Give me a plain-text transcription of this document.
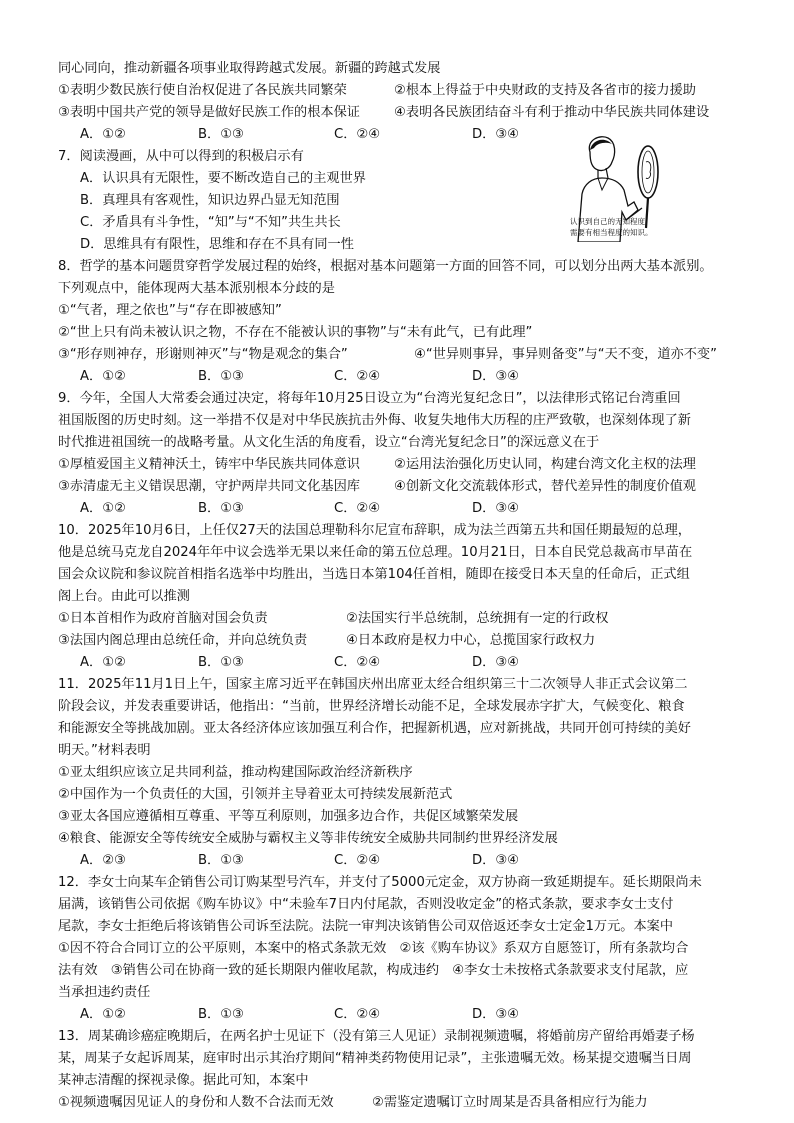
同心同向，推动新疆各项事业取得跨越式发展。新疆的跨越式发展
①表明少数民族行使自治权促进了各民族共同繁荣	②根本上得益于中央财政的支持及各省市的接力援助
③表明中国共产党的领导是做好民族工作的根本保证	④表明各民族团结奋斗有利于推动中华民族共同体建设
A．①②	B．①③	C．②④	D．③④
7．阅读漫画，从中可以得到的积极启示有
A．认识具有无限性，要不断改造自己的主观世界
B．真理具有客观性，知识边界凸显无知范围
C．矛盾具有斗争性，“知”与“不知”共生共长
D．思维具有有限性，思维和存在不具有同一性
认识到自己的无知程度，
需要有相当程度的知识。
8．哲学的基本问题贯穿哲学发展过程的始终，根据对基本问题第一方面的回答不同，可以划分出两大基本派别。
下列观点中，能体现两大基本派别根本分歧的是
①“气者，理之依也”与“存在即被感知”
②“世上只有尚未被认识之物，不存在不能被认识的事物”与“未有此气，已有此理”
③“形存则神存，形谢则神灭”与“物是观念的集合”	④“世异则事异，事异则备变”与“天不变，道亦不变”
A．①②	B．①③	C．②④	D．③④
9．今年，全国人大常委会通过决定，将每年10月25日设立为“台湾光复纪念日”，以法律形式铭记台湾重回
祖国版图的历史时刻。这一举措不仅是对中华民族抗击外侮、收复失地伟大历程的庄严致敬，也深刻体现了新
时代推进祖国统一的战略考量。从文化生活的角度看，设立“台湾光复纪念日”的深远意义在于
①厚植爱国主义精神沃土，铸牢中华民族共同体意识	②运用法治强化历史认同，构建台湾文化主权的法理
③赤清虚无主义错误思潮，守护两岸共同文化基因库	④创新文化交流载体形式，替代差异性的制度价值观
A．①②	B．①③	C．②④	D．③④
10．2025年10月6日，上任仅27天的法国总理勒科尔尼宣布辞职，成为法兰西第五共和国任期最短的总理，
他是总统马克龙自2024年年中议会选举无果以来任命的第五位总理。10月21日，日本自民党总裁高市早苗在
国会众议院和参议院首相指名选举中均胜出，当选日本第104任首相，随即在接受日本天皇的任命后，正式组
阁上台。由此可以推测
①日本首相作为政府首脑对国会负责	②法国实行半总统制，总统拥有一定的行政权
③法国内阁总理由总统任命，并向总统负责	④日本政府是权力中心，总揽国家行政权力
A．①②	B．①③	C．②④	D．③④
11．2025年11月1日上午，国家主席习近平在韩国庆州出席亚太经合组织第三十二次领导人非正式会议第二
阶段会议，并发表重要讲话，他指出：“当前，世界经济增长动能不足，全球发展赤字扩大，气候变化、粮食
和能源安全等挑战加剧。亚太各经济体应该加强互利合作，把握新机遇，应对新挑战，共同开创可持续的美好
明天。”材料表明
①亚太组织应该立足共同利益，推动构建国际政治经济新秩序
②中国作为一个负责任的大国，引领并主导着亚太可持续发展新范式
③亚太各国应遵循相互尊重、平等互利原则，加强多边合作，共促区域繁荣发展
④粮食、能源安全等传统安全威胁与霸权主义等非传统安全威胁共同制约世界经济发展
A．②③	B．①③	C．②④	D．③④
12．李女士向某车企销售公司订购某型号汽车，并支付了5000元定金，双方协商一致延期提车。延长期限尚未
届满，该销售公司依据《购车协议》中“未验车7日内付尾款，否则没收定金”的格式条款，要求李女士支付
尾款，李女士拒绝后将该销售公司诉至法院。法院一审判决该销售公司双倍返还李女士定金1万元。本案中
①因不符合合同订立的公平原则，本案中的格式条款无效　②该《购车协议》系双方自愿签订，所有条款均合
法有效　③销售公司在协商一致的延长期限内催收尾款，构成违约　④李女士未按格式条款要求支付尾款，应
当承担违约责任
A．①②	B．①③	C．②④	D．③④
13．周某确诊癌症晚期后，在两名护士见证下（没有第三人见证）录制视频遗嘱，将婚前房产留给再婚妻子杨
某，周某子女起诉周某，庭审时出示其治疗期间“精神类药物使用记录”，主张遗嘱无效。杨某提交遗嘱当日周
某神志清醒的探视录像。据此可知，本案中
①视频遗嘱因见证人的身份和人数不合法而无效	②需鉴定遗嘱订立时周某是否具备相应行为能力
